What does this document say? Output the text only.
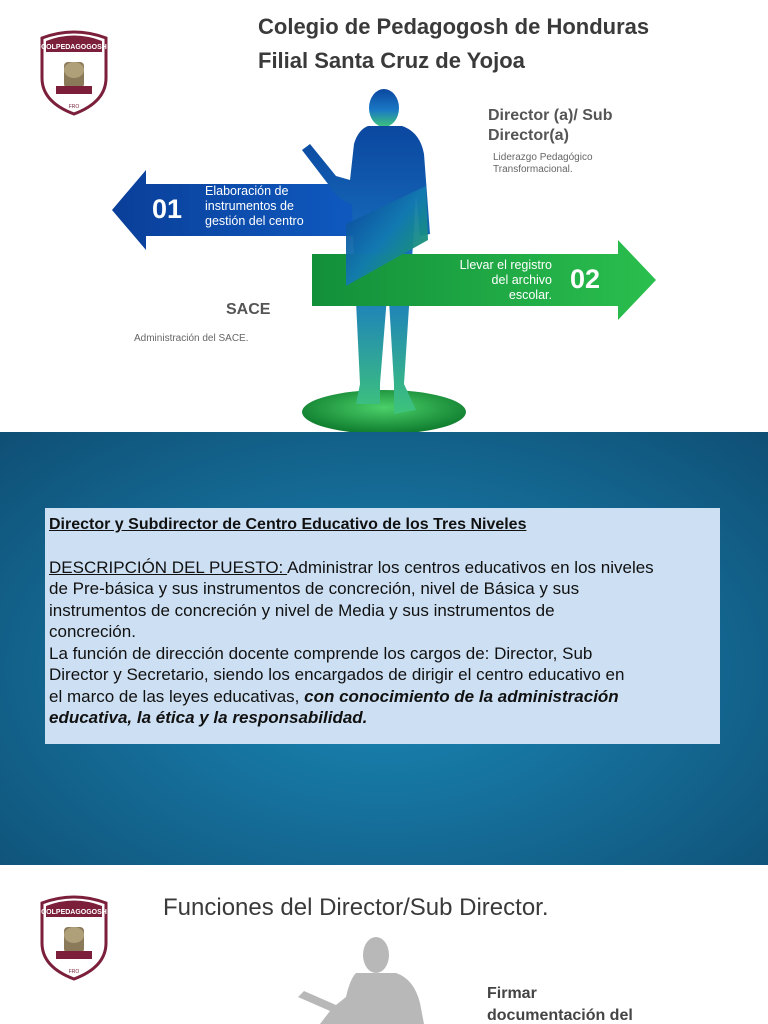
COLPEDAGOGOSH
FRO
Colegio de Pedagogosh de Honduras
Filial Santa Cruz de Yojoa
01
Elaboración de
instrumentos de
gestión del centro
Llevar el registro
del archivo
escolar.
02
Director (a)/ Sub
Director(a)
Liderazgo Pedagógico
Transformacional.
SACE
Administración del SACE.
Director y Subdirector de Centro Educativo de los Tres Niveles
DESCRIPCIÓN DEL PUESTO: Administrar los centros educativos en los niveles
de Pre-básica y sus instrumentos de concreción, nivel de Básica y sus
instrumentos de concreción y nivel de Media y sus instrumentos de
concreción.
La función de dirección docente comprende los cargos de: Director, Sub
Director y Secretario, siendo los encargados de dirigir el centro educativo en
el marco de las leyes educativas, con conocimiento de la administración
educativa, la ética y la responsabilidad.
COLPEDAGOGOSH
FRO
Funciones del Director/Sub Director.
Firmar
documentación del
